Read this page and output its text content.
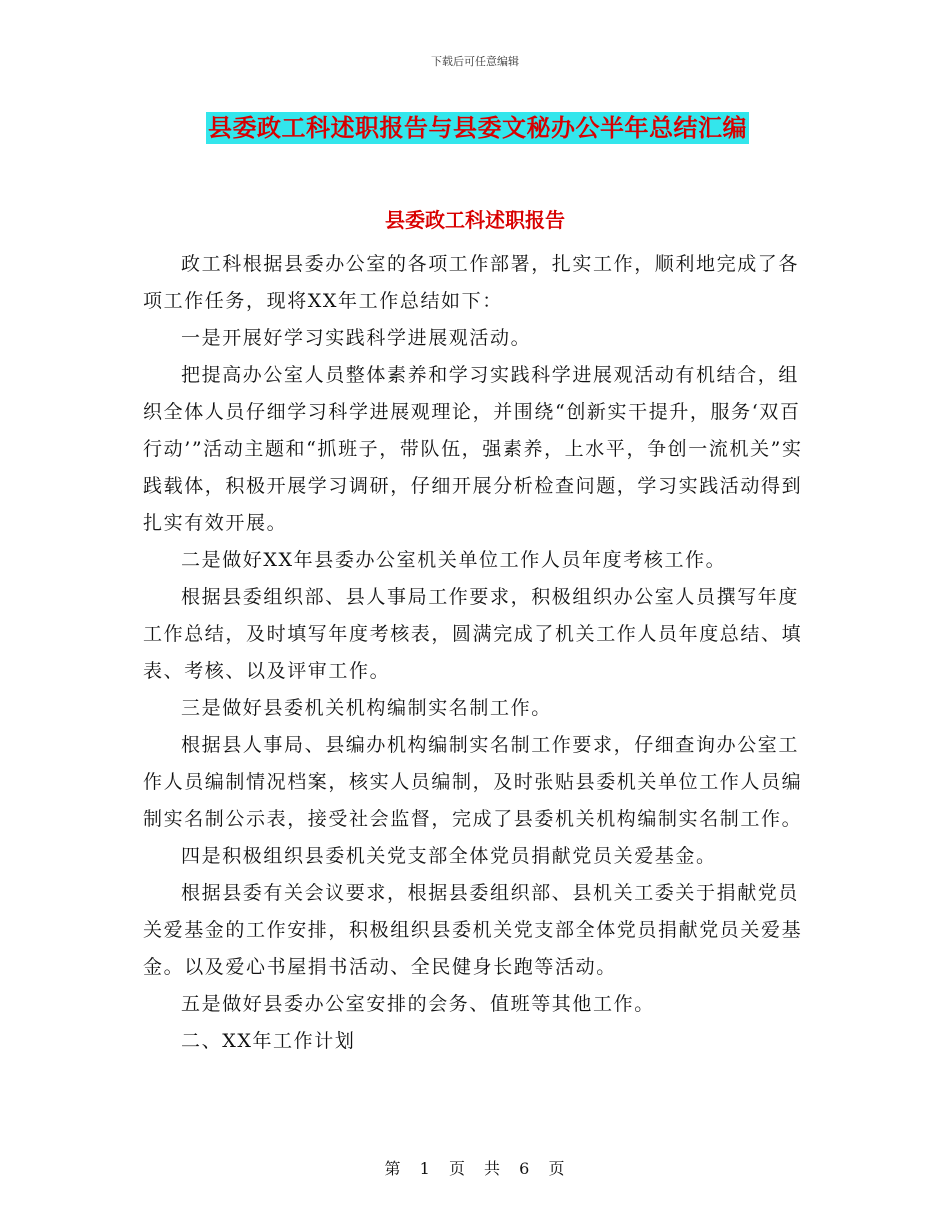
下载后可任意编辑
县委政工科述职报告与县委文秘办公半年总结汇编
县委政工科述职报告

政工科根据县委办公室的各项工作部署，扎实工作，顺利地完成了各项工作任务，现将XX年工作总结如下：

一是开展好学习实践科学进展观活动。

把提高办公室人员整体素养和学习实践科学进展观活动有机结合，组织全体人员仔细学习科学进展观理论，并围绕“创新实干提升，服务‘双百行动’”活动主题和“抓班子，带队伍，强素养，上水平，争创一流机关”实践载体，积极开展学习调研，仔细开展分析检查问题，学习实践活动得到扎实有效开展。

二是做好XX年县委办公室机关单位工作人员年度考核工作。

根据县委组织部、县人事局工作要求，积极组织办公室人员撰写年度工作总结，及时填写年度考核表，圆满完成了机关工作人员年度总结、填表、考核、以及评审工作。

三是做好县委机关机构编制实名制工作。

根据县人事局、县编办机构编制实名制工作要求，仔细查询办公室工作人员编制情况档案，核实人员编制，及时张贴县委机关单位工作人员编制实名制公示表，接受社会监督，完成了县委机关机构编制实名制工作。

四是积极组织县委机关党支部全体党员捐献党员关爱基金。

根据县委有关会议要求，根据县委组织部、县机关工委关于捐献党员关爱基金的工作安排，积极组织县委机关党支部全体党员捐献党员关爱基金。以及爱心书屋捐书活动、全民健身长跑等活动。

五是做好县委办公室安排的会务、值班等其他工作。

二、XX年工作计划

第 1 页 共 6 页
